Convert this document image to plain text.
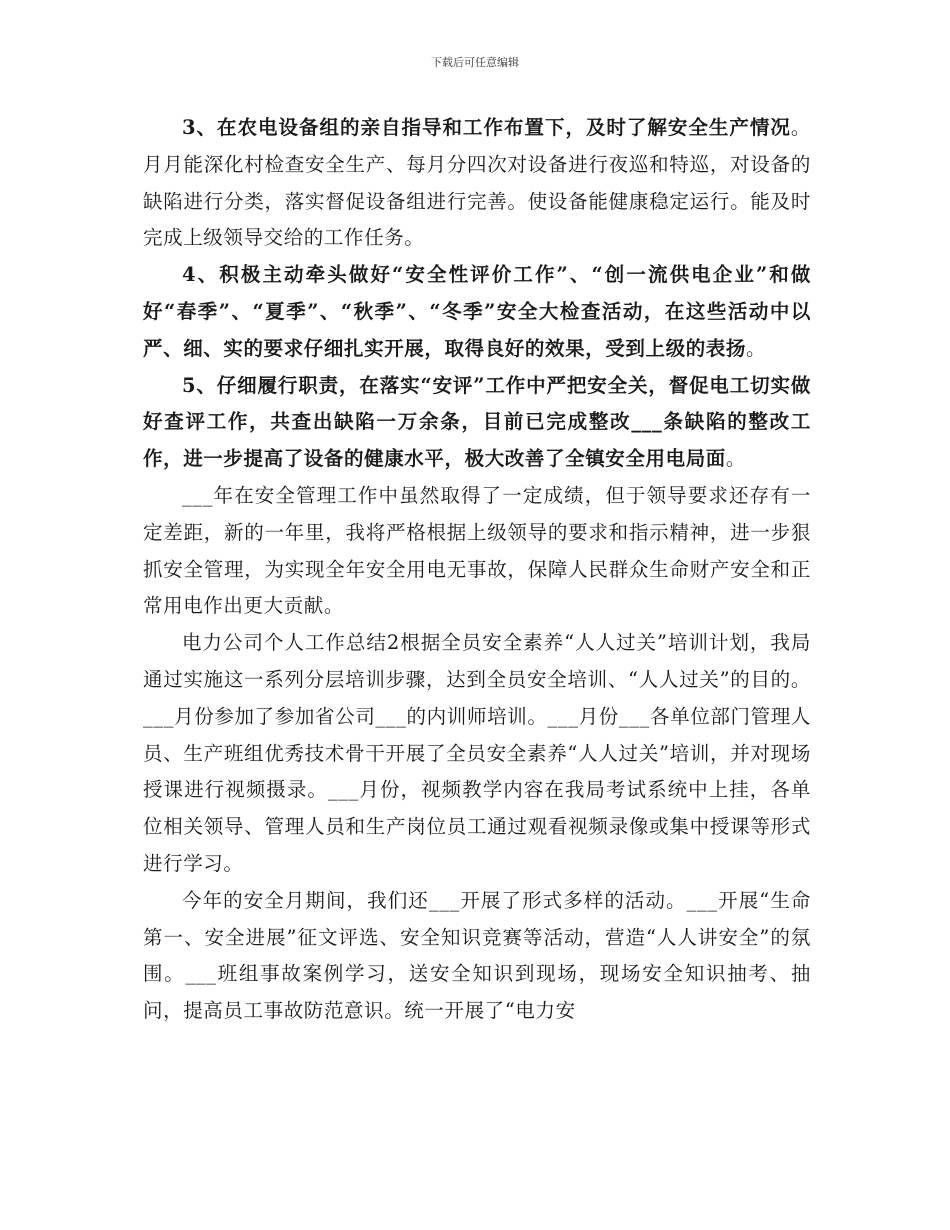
下载后可任意编辑

3、在农电设备组的亲自指导和工作布置下，及时了解安全生产情况。月月能深化村检查安全生产、每月分四次对设备进行夜巡和特巡，对设备的缺陷进行分类，落实督促设备组进行完善。使设备能健康稳定运行。能及时完成上级领导交给的工作任务。

4、积极主动牵头做好“安全性评价工作”、“创一流供电企业”和做好“春季”、“夏季”、“秋季”、“冬季”安全大检查活动，在这些活动中以严、细、实的要求仔细扎实开展，取得良好的效果，受到上级的表扬。

5、仔细履行职责，在落实“安评”工作中严把安全关，督促电工切实做好查评工作，共查出缺陷一万余条，目前已完成整改___条缺陷的整改工作，进一步提高了设备的健康水平，极大改善了全镇安全用电局面。

___年在安全管理工作中虽然取得了一定成绩，但于领导要求还存有一定差距，新的一年里，我将严格根据上级领导的要求和指示精神，进一步狠抓安全管理，为实现全年安全用电无事故，保障人民群众生命财产安全和正常用电作出更大贡献。

电力公司个人工作总结2根据全员安全素养“人人过关”培训计划，我局通过实施这一系列分层培训步骤，达到全员安全培训、“人人过关”的目的。___月份参加了参加省公司___的内训师培训。___月份___各单位部门管理人员、生产班组优秀技术骨干开展了全员安全素养“人人过关”培训，并对现场授课进行视频摄录。___月份，视频教学内容在我局考试系统中上挂，各单位相关领导、管理人员和生产岗位员工通过观看视频录像或集中授课等形式进行学习。

今年的安全月期间，我们还___开展了形式多样的活动。___开展“生命第一、安全进展”征文评选、安全知识竞赛等活动，营造“人人讲安全”的氛围。___班组事故案例学习，送安全知识到现场，现场安全知识抽考、抽问，提高员工事故防范意识。统一开展了“电力安
